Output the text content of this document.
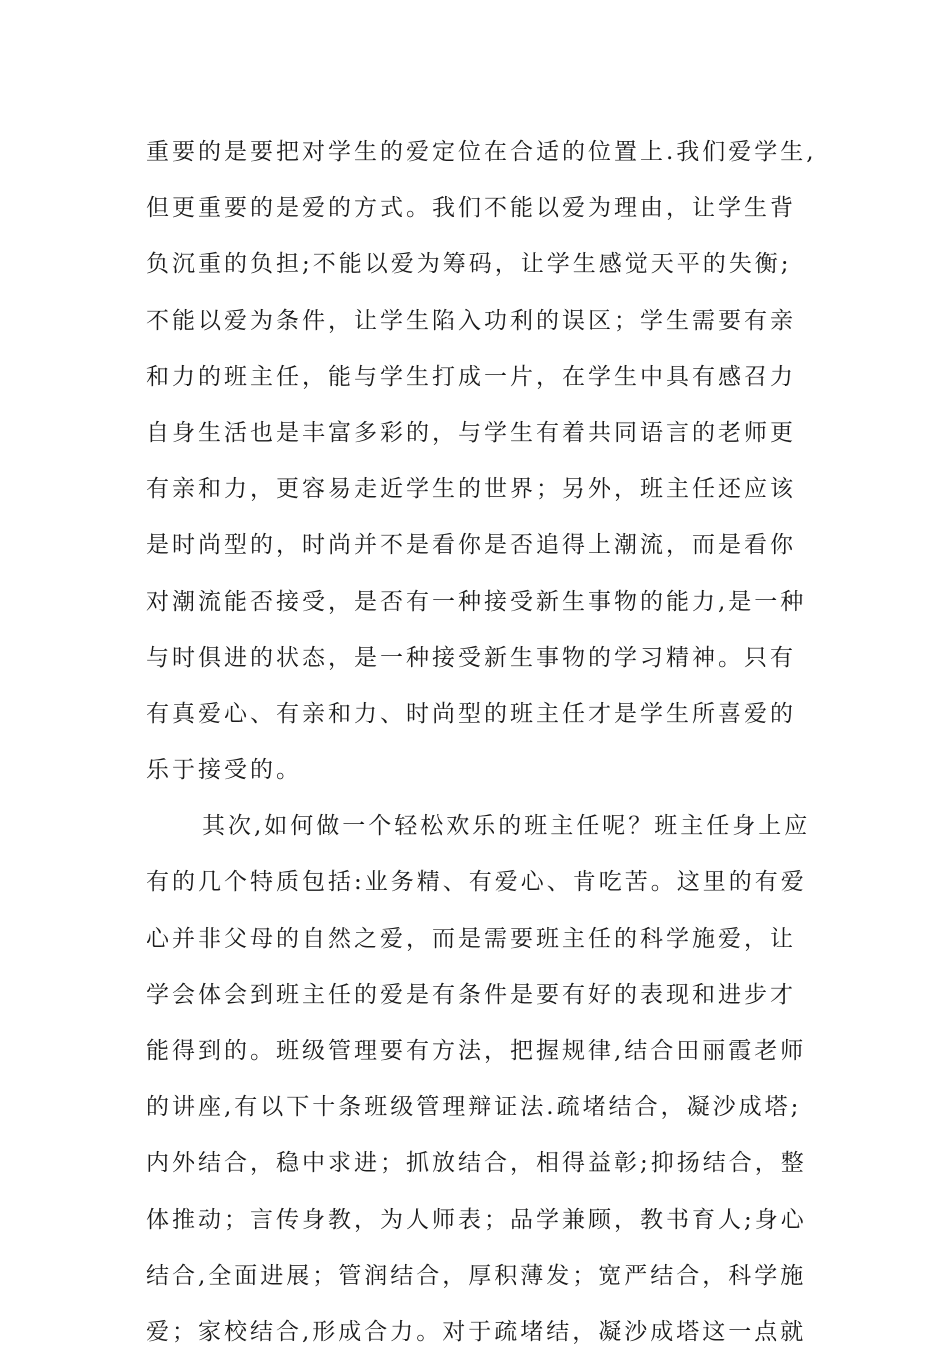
重要的是要把对学生的爱定位在合适的位置上.我们爱学生,
但更重要的是爱的方式。我们不能以爱为理由，让学生背
负沉重的负担;不能以爱为筹码，让学生感觉天平的失衡;
不能以爱为条件，让学生陷入功利的误区；学生需要有亲
和力的班主任，能与学生打成一片，在学生中具有感召力
自身生活也是丰富多彩的，与学生有着共同语言的老师更
有亲和力，更容易走近学生的世界；另外，班主任还应该
是时尚型的，时尚并不是看你是否追得上潮流，而是看你
对潮流能否接受，是否有一种接受新生事物的能力,是一种
与时俱进的状态，是一种接受新生事物的学习精神。只有
有真爱心、有亲和力、时尚型的班主任才是学生所喜爱的
乐于接受的。
其次,如何做一个轻松欢乐的班主任呢？班主任身上应
有的几个特质包括:业务精、有爱心、肯吃苦。这里的有爱
心并非父母的自然之爱，而是需要班主任的科学施爱，让
学会体会到班主任的爱是有条件是要有好的表现和进步才
能得到的。班级管理要有方法，把握规律,结合田丽霞老师
的讲座,有以下十条班级管理辩证法.疏堵结合，凝沙成塔;
内外结合，稳中求进；抓放结合，相得益彰;抑扬结合，整
体推动；言传身教，为人师表；品学兼顾，教书育人;身心
结合,全面进展；管润结合，厚积薄发；宽严结合，科学施
爱；家校结合,形成合力。对于疏堵结，凝沙成塔这一点就
